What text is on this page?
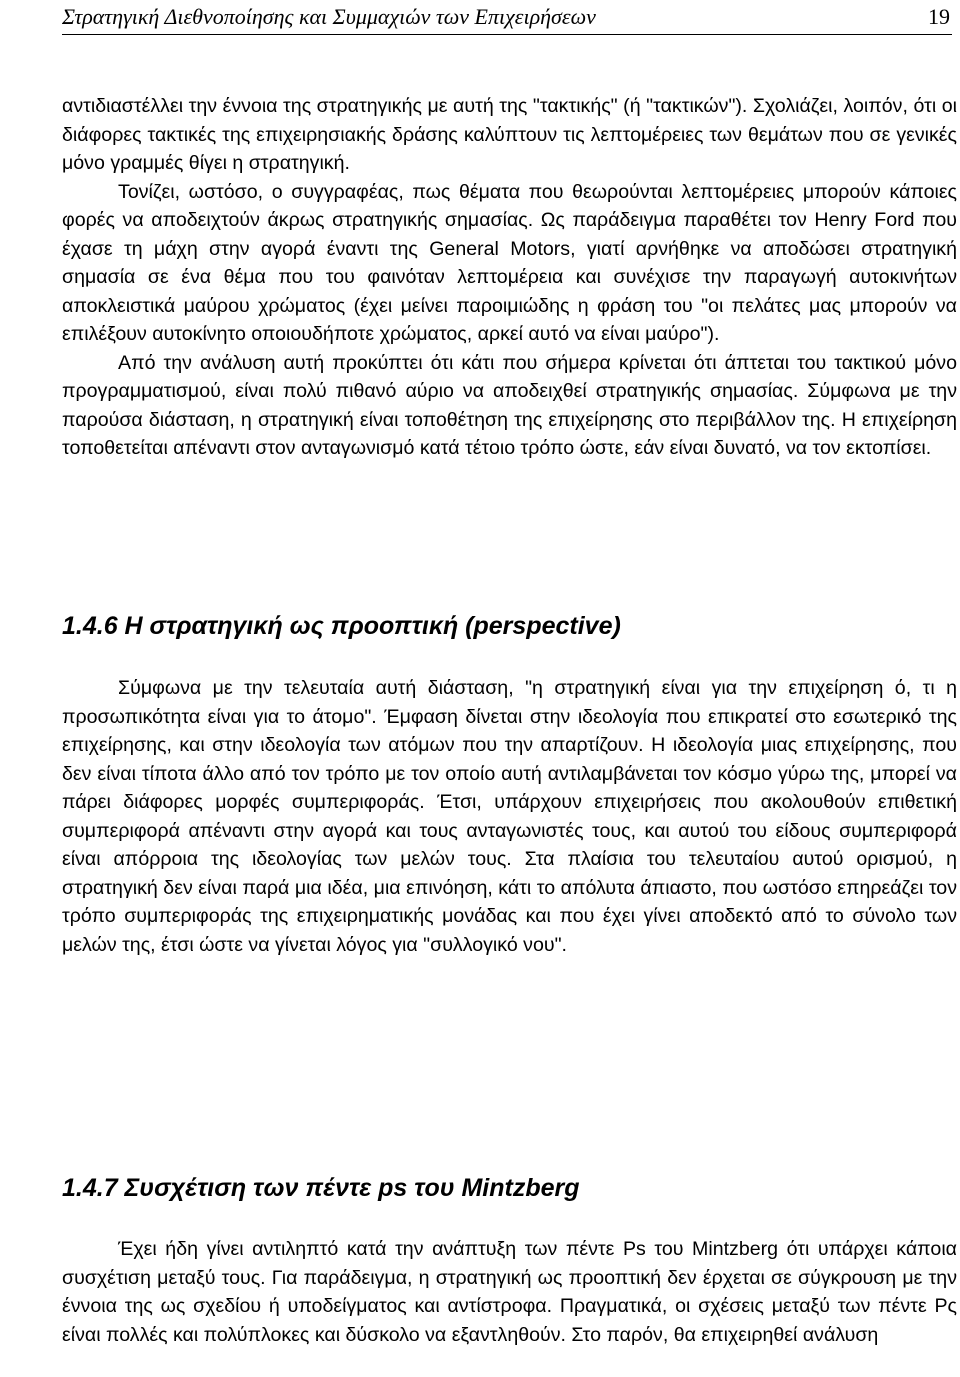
Στρατηγική Διεθνοποίησης και Συμμαχιών των Επιχειρήσεων	19

αντιδιαστέλλει την έννοια της στρατηγικής με αυτή της "τακτικής" (ή "τακτικών"). Σχολιάζει, λοιπόν, ότι οι διάφορες τακτικές της επιχειρησιακής δράσης καλύπτουν τις λεπτομέρειες των θεμάτων που σε γενικές μόνο γραμμές θίγει η στρατηγική.

Τονίζει, ωστόσο, ο συγγραφέας, πως θέματα που θεωρούνται λεπτομέρειες μπορούν κάποιες φορές να αποδειχτούν άκρως στρατηγικής σημασίας. Ως παράδειγμα παραθέτει τον Henry Ford που έχασε τη μάχη στην αγορά έναντι της General Motors, γιατί αρνήθηκε να αποδώσει στρατηγική σημασία σε ένα θέμα που του φαινόταν λεπτομέρεια και συνέχισε την παραγωγή αυτοκινήτων αποκλειστικά μαύρου χρώματος (έχει μείνει παροιμιώδης η φράση του "οι πελάτες μας μπορούν να επιλέξουν αυτοκίνητο οποιουδήποτε χρώματος, αρκεί αυτό να είναι μαύρο").

Από την ανάλυση αυτή προκύπτει ότι κάτι που σήμερα κρίνεται ότι άπτεται του τακτικού μόνο προγραμματισμού, είναι πολύ πιθανό αύριο να αποδειχθεί στρατηγικής σημασίας. Σύμφωνα με την παρούσα διάσταση, η στρατηγική είναι τοποθέτηση της επιχείρησης στο περιβάλλον της. Η επιχείρηση τοποθετείται απέναντι στον ανταγωνισμό κατά τέτοιο τρόπο ώστε, εάν είναι δυνατό, να τον εκτοπίσει.

1.4.6 Η στρατηγική ως προοπτική (perspective)

Σύμφωνα με την τελευταία αυτή διάσταση, "η στρατηγική είναι για την επιχείρηση ό, τι η προσωπικότητα είναι για το άτομο". Έμφαση δίνεται στην ιδεολογία που επικρατεί στο εσωτερικό της επιχείρησης, και στην ιδεολογία των ατόμων που την απαρτίζουν. Η ιδεολογία μιας επιχείρησης, που δεν είναι τίποτα άλλο από τον τρόπο με τον οποίο αυτή αντιλαμβάνεται τον κόσμο γύρω της, μπορεί να πάρει διάφορες μορφές συμπεριφοράς. Έτσι, υπάρχουν επιχειρήσεις που ακολουθούν επιθετική συμπεριφορά απέναντι στην αγορά και τους ανταγωνιστές τους, και αυτού του είδους συμπεριφορά είναι απόρροια της ιδεολογίας των μελών τους. Στα πλαίσια του τελευταίου αυτού ορισμού, η στρατηγική δεν είναι παρά μια ιδέα, μια επινόηση, κάτι το απόλυτα άπιαστο, που ωστόσο επηρεάζει τον τρόπο συμπεριφοράς της επιχειρηματικής μονάδας και που έχει γίνει αποδεκτό από το σύνολο των μελών της, έτσι ώστε να γίνεται λόγος για "συλλογικό νου".

1.4.7 Συσχέτιση των πέντε ps του Mintzberg

Έχει ήδη γίνει αντιληπτό κατά την ανάπτυξη των πέντε Ps του Mintzberg ότι υπάρχει κάποια συσχέτιση μεταξύ τους. Για παράδειγμα, η στρατηγική ως προοπτική δεν έρχεται σε σύγκρουση με την έννοια της ως σχεδίου ή υποδείγματος και αντίστροφα. Πραγματικά, οι σχέσεις μεταξύ των πέντε Ρς είναι πολλές και πολύπλοκες και δύσκολο να εξαντληθούν. Στο παρόν, θα επιχειρηθεί ανάλυση
